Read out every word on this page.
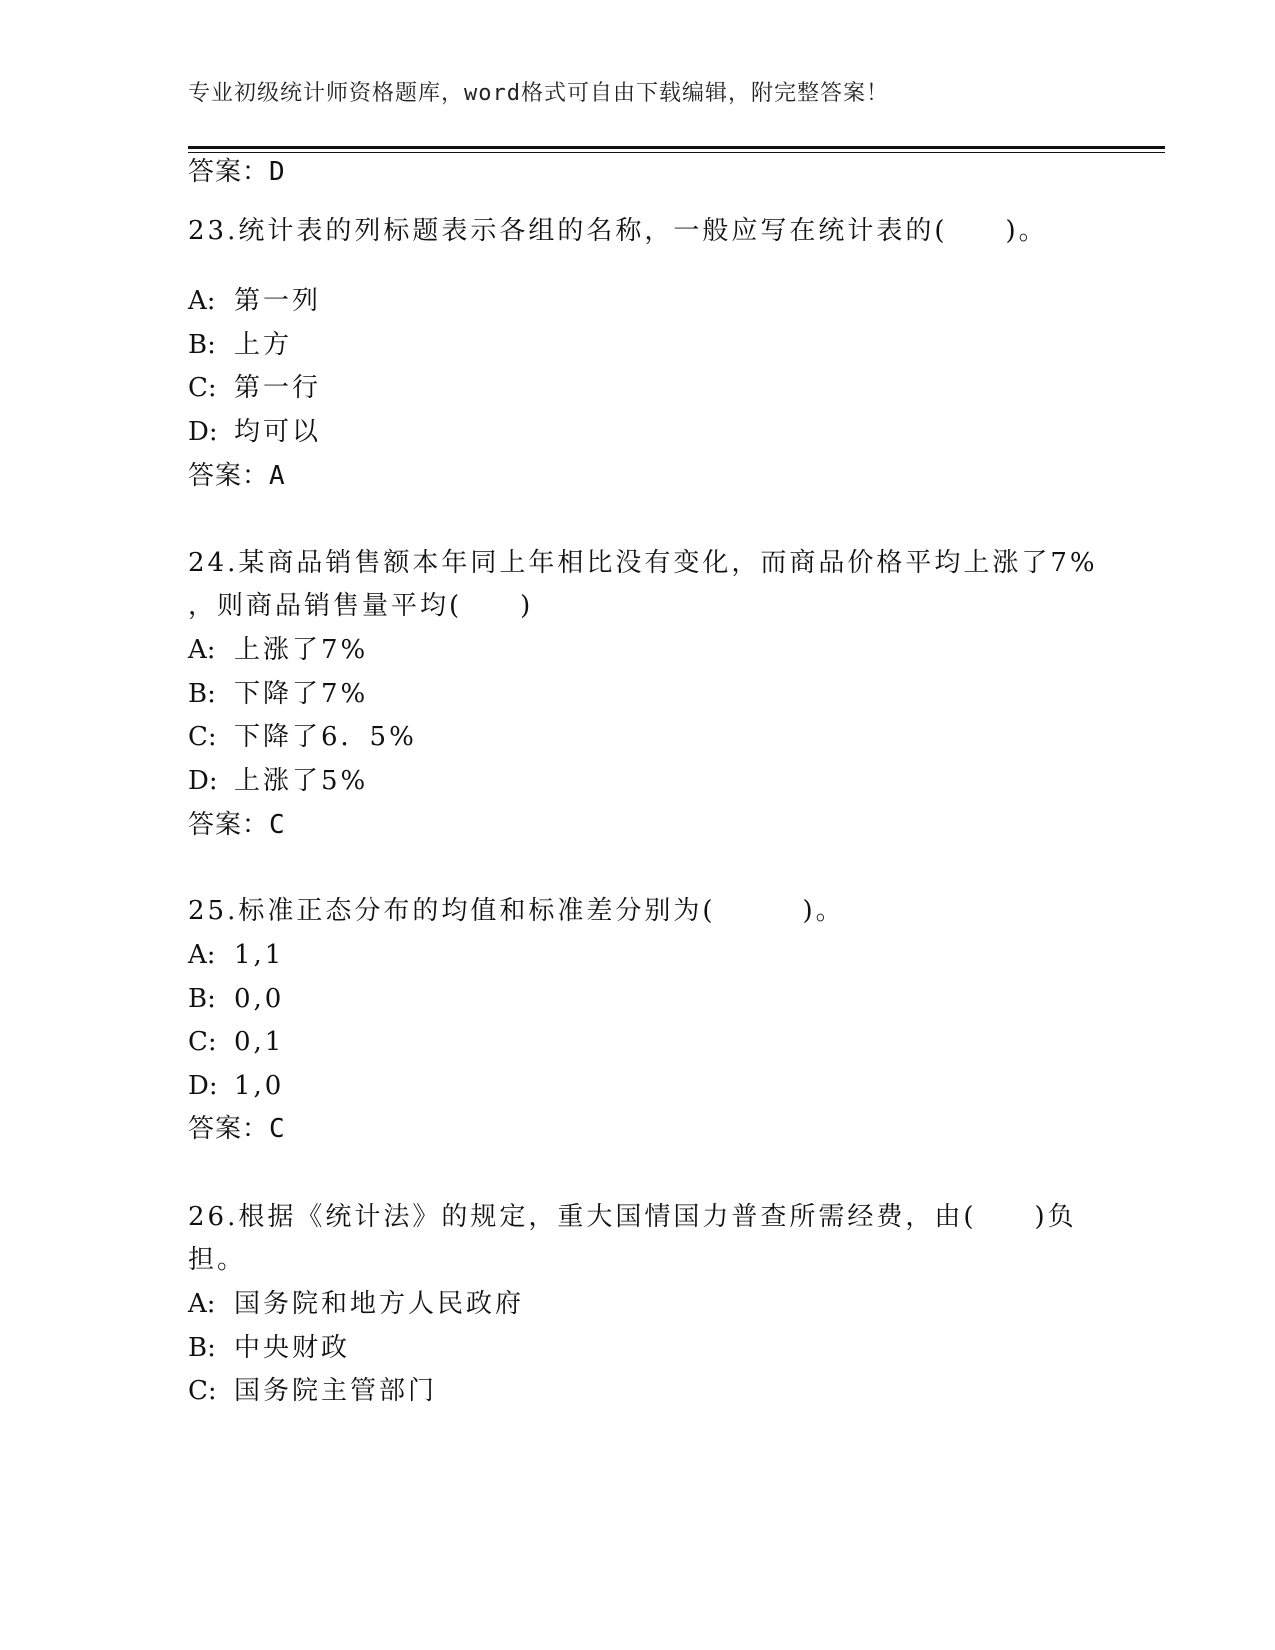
专业初级统计师资格题库，word格式可自由下载编辑，附完整答案！
答案：D
23.统计表的列标题表示各组的名称，一般应写在统计表的(　　)。
A: 第一列
B: 上方
C: 第一行
D: 均可以
答案：A
24.某商品销售额本年同上年相比没有变化，而商品价格平均上涨了7%
，则商品销售量平均(　　)
A: 上涨了7%
B: 下降了7%
C: 下降了6．5%
D: 上涨了5%
答案：C
25.标准正态分布的均值和标准差分别为(　　　)。
A: 1,1
B: 0,0
C: 0,1
D: 1,0
答案：C
26.根据《统计法》的规定，重大国情国力普查所需经费，由(　　)负
担。
A: 国务院和地方人民政府
B: 中央财政
C: 国务院主管部门
